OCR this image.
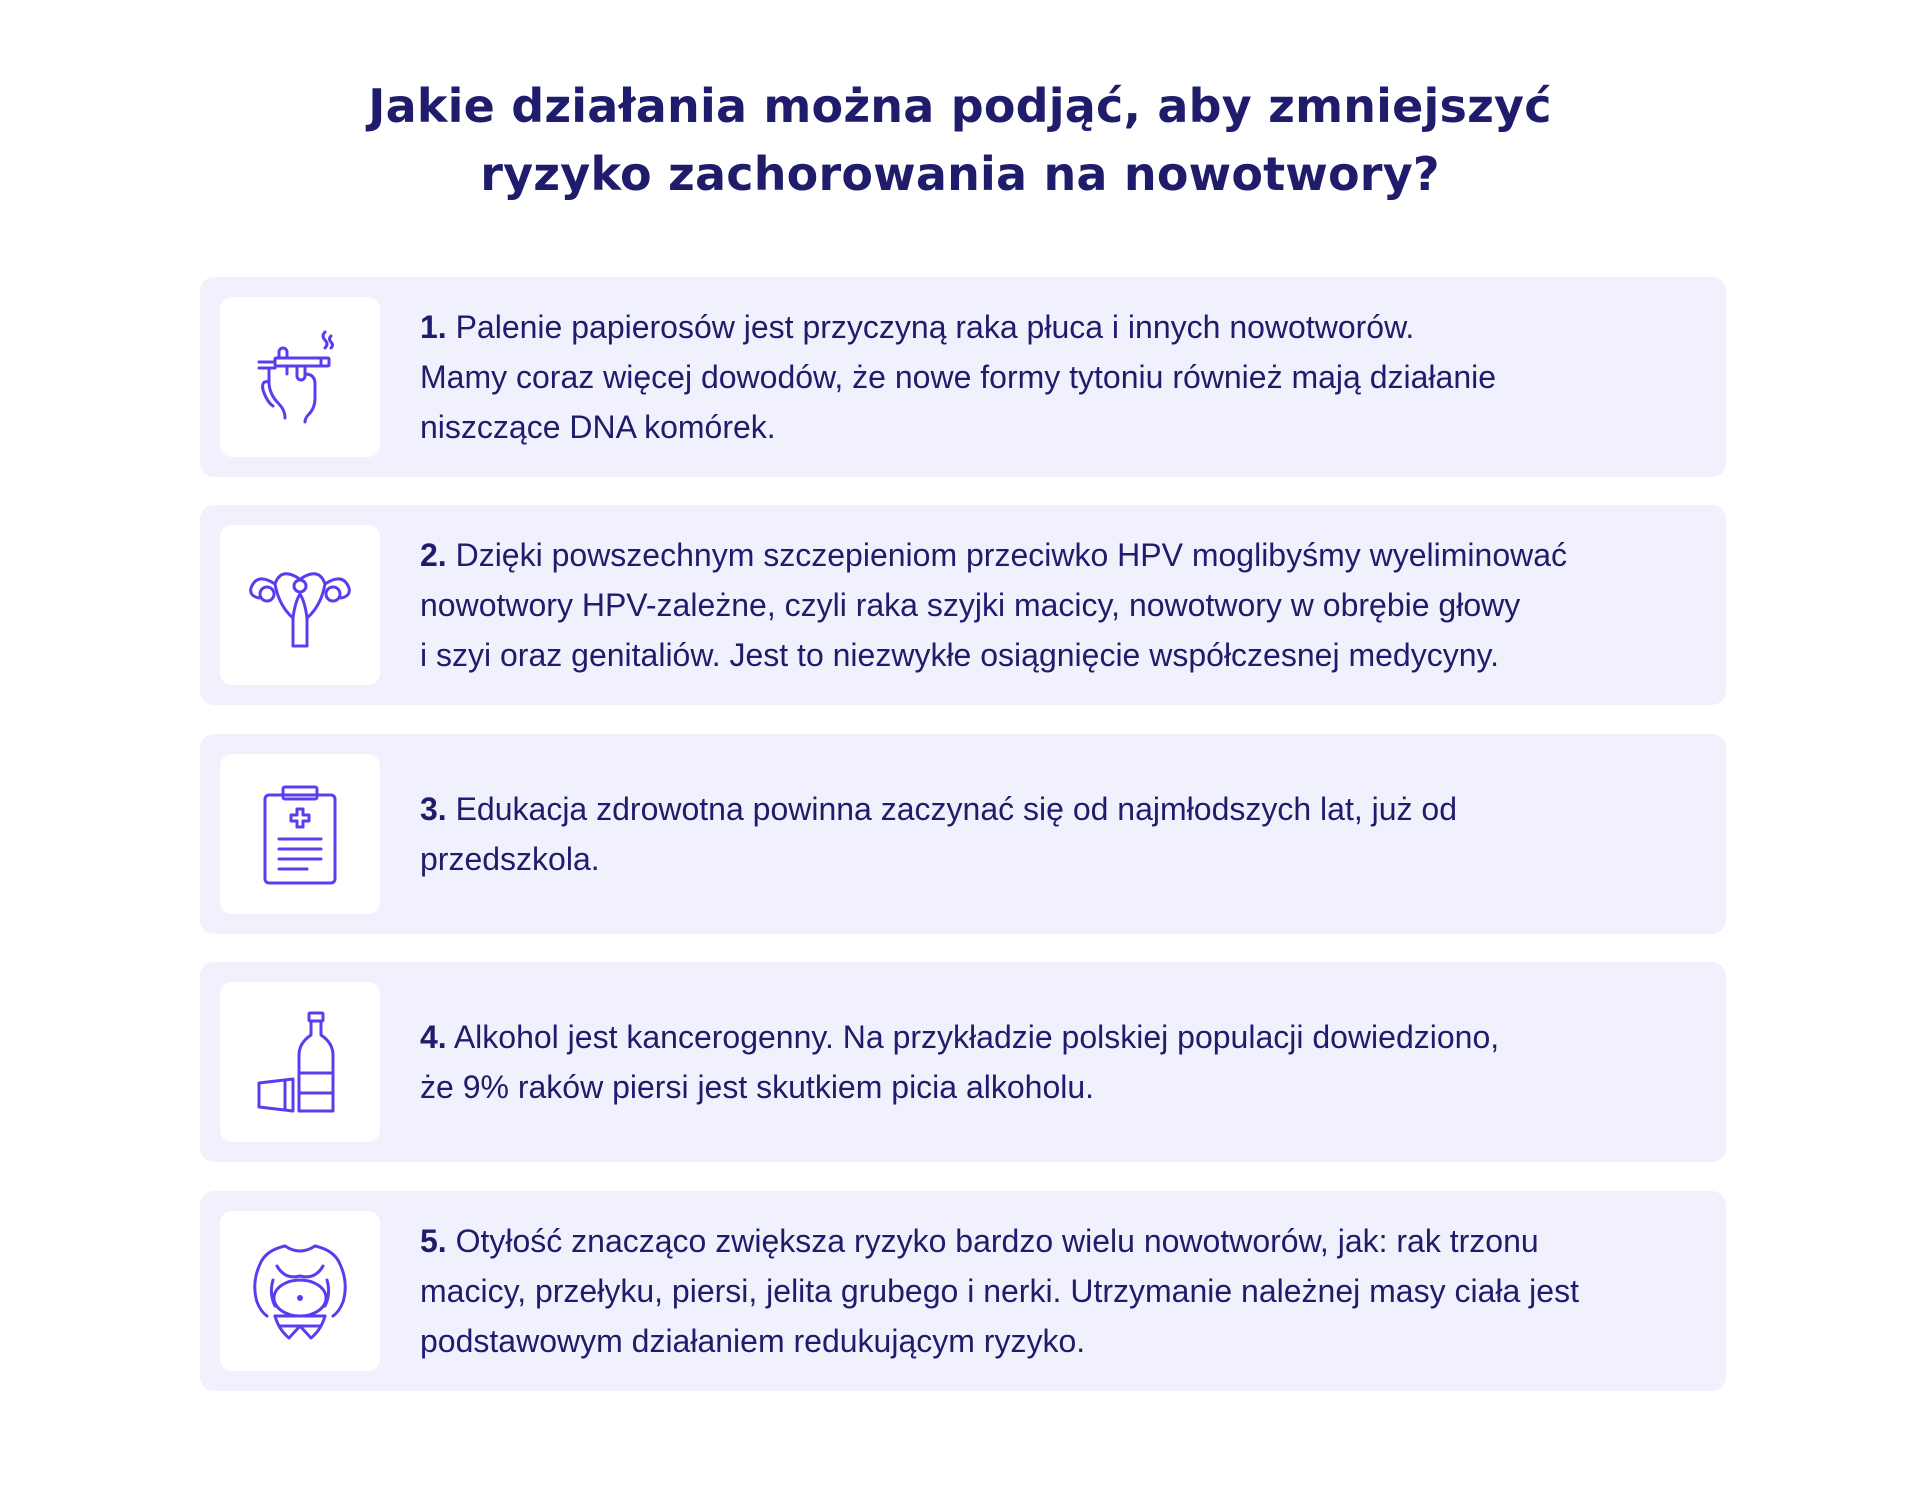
Jakie działania można podjąć, aby zmniejszyć
ryzyko zachorowania na nowotwory?

1. Palenie papierosów jest przyczyną raka płuca i innych nowotworów.
Mamy coraz więcej dowodów, że nowe formy tytoniu również mają działanie
niszczące DNA komórek.

2. Dzięki powszechnym szczepieniom przeciwko HPV moglibyśmy wyeliminować
nowotwory HPV-zależne, czyli raka szyjki macicy, nowotwory w obrębie głowy
i szyi oraz genitaliów. Jest to niezwykłe osiągnięcie współczesnej medycyny.

3. Edukacja zdrowotna powinna zaczynać się od najmłodszych lat, już od
przedszkola.

4. Alkohol jest kancerogenny. Na przykładzie polskiej populacji dowiedziono,
że 9% raków piersi jest skutkiem picia alkoholu.

5. Otyłość znacząco zwiększa ryzyko bardzo wielu nowotworów, jak: rak trzonu
macicy, przełyku, piersi, jelita grubego i nerki. Utrzymanie należnej masy ciała jest
podstawowym działaniem redukującym ryzyko.
